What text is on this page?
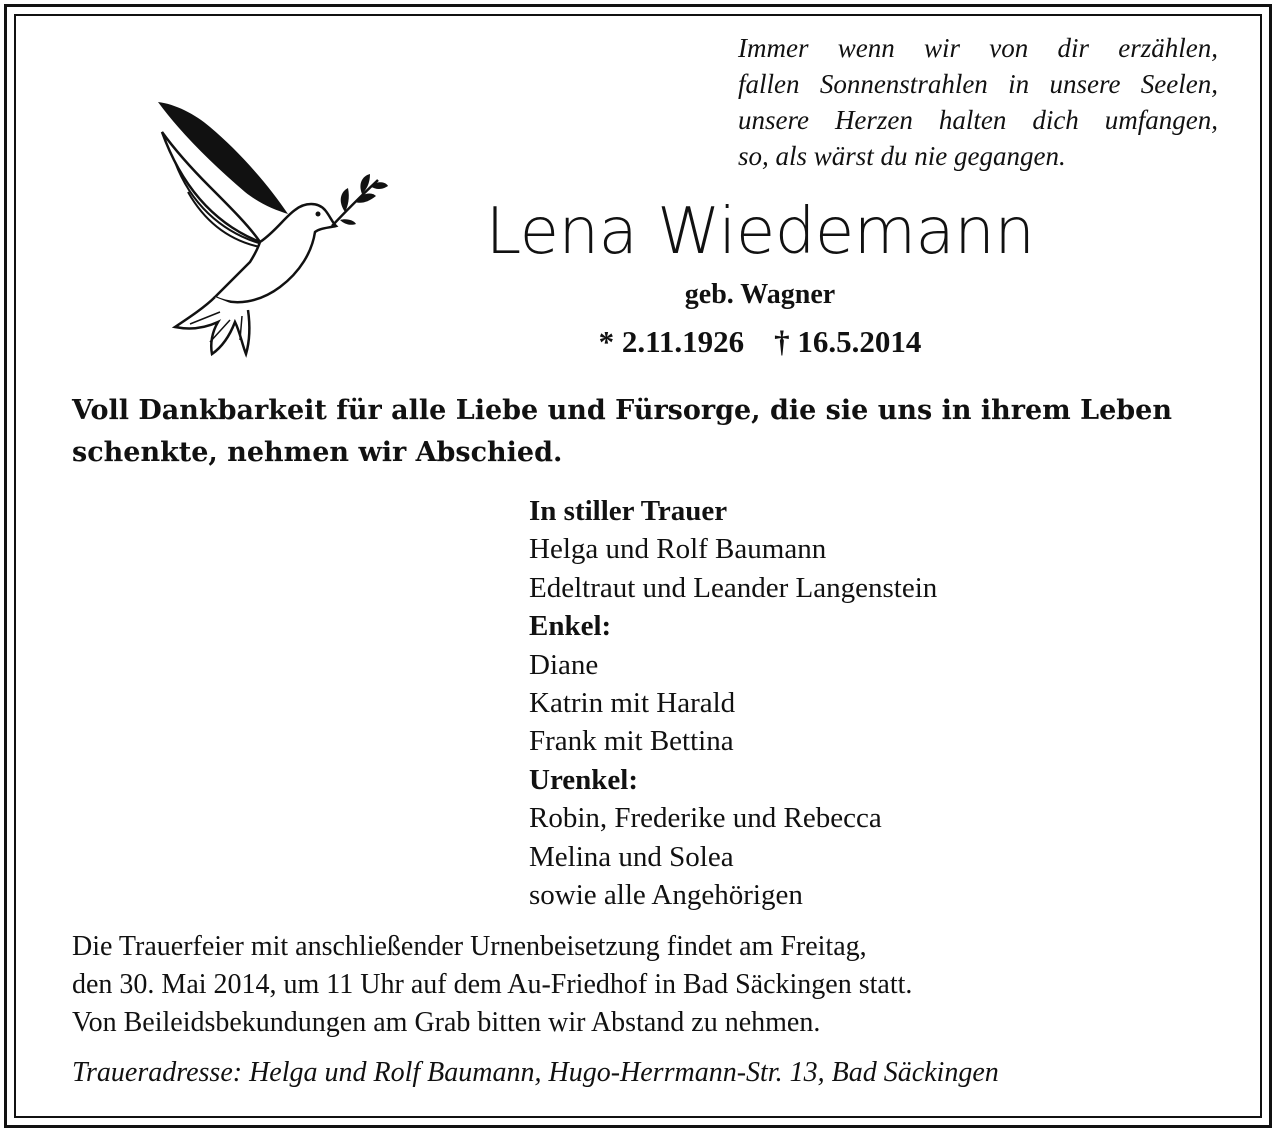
Immer wenn wir von dir erzählen,
fallen Sonnenstrahlen in unsere Seelen,
unsere Herzen halten dich umfangen,
so, als wärst du nie gegangen.
Lena Wiedemann
geb. Wagner
* 2.11.1926 † 16.5.2014
Voll Dankbarkeit für alle Liebe und Fürsorge, die sie uns in ihrem Leben schenkte, nehmen wir Abschied.
In stiller Trauer
Helga und Rolf Baumann
Edeltraut und Leander Langenstein
Enkel:
Diane
Katrin mit Harald
Frank mit Bettina
Urenkel:
Robin, Frederike und Rebecca
Melina und Solea
sowie alle Angehörigen
Die Trauerfeier mit anschließender Urnenbeisetzung findet am Freitag,
den 30. Mai 2014, um 11 Uhr auf dem Au-Friedhof in Bad Säckingen statt.
Von Beileidsbekundungen am Grab bitten wir Abstand zu nehmen.
Traueradresse: Helga und Rolf Baumann, Hugo-Herrmann-Str. 13, Bad Säckingen
